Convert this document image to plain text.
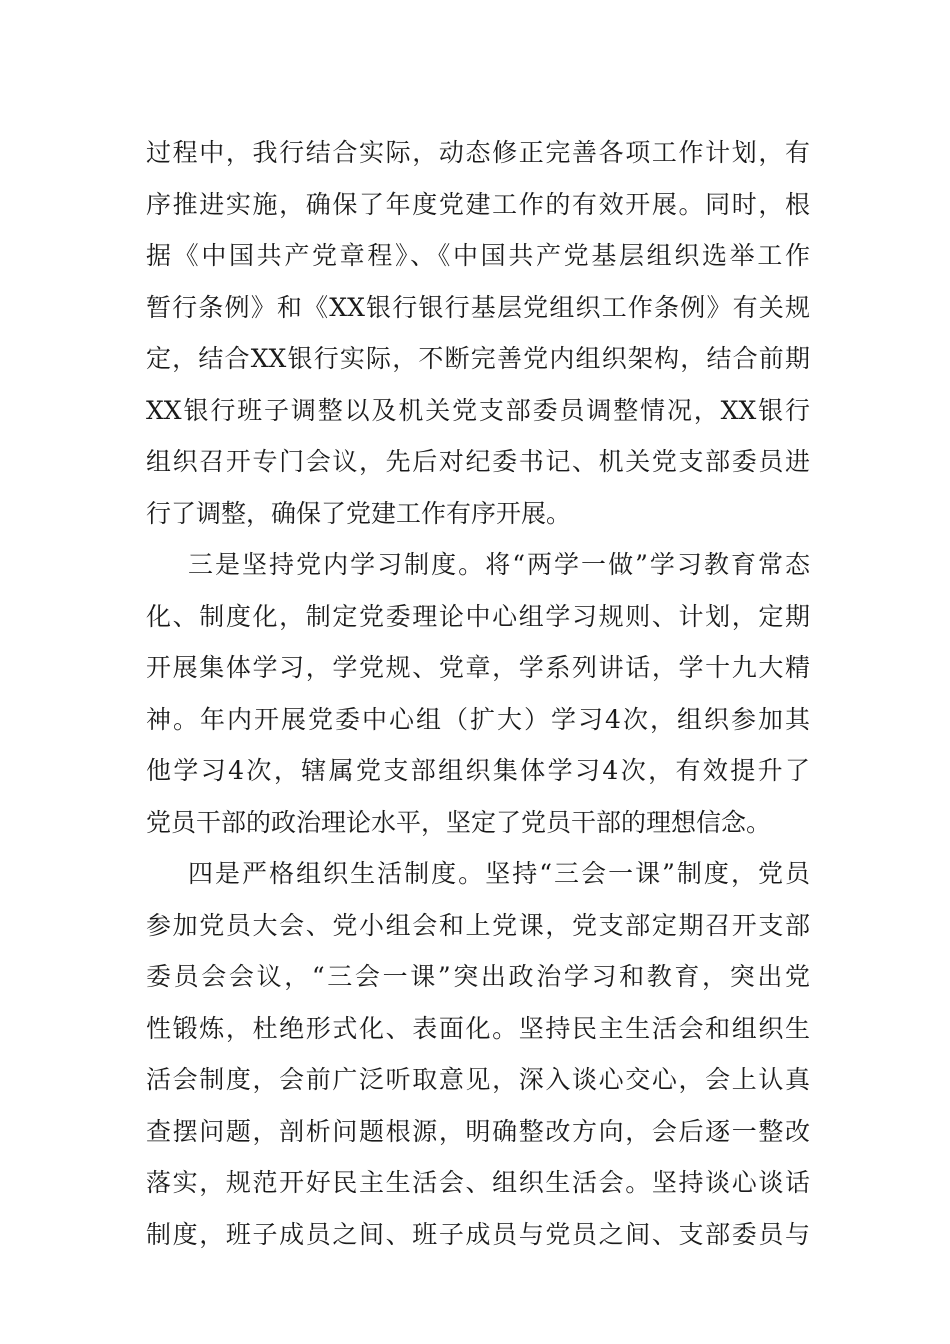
过程中，我行结合实际，动态修正完善各项工作计划，有
序推进实施，确保了年度党建工作的有效开展。同时，根
据《中国共产党章程》、《中国共产党基层组织选举工作
暂行条例》和《XX银行银行基层党组织工作条例》有关规
定，结合XX银行实际，不断完善党内组织架构，结合前期
XX银行班子调整以及机关党支部委员调整情况，XX银行
组织召开专门会议，先后对纪委书记、机关党支部委员进
行了调整，确保了党建工作有序开展。
三是坚持党内学习制度。将“两学一做”学习教育常态
化、制度化，制定党委理论中心组学习规则、计划，定期
开展集体学习，学党规、党章，学系列讲话，学十九大精
神。年内开展党委中心组（扩大）学习4次，组织参加其
他学习4次，辖属党支部组织集体学习4次，有效提升了
党员干部的政治理论水平，坚定了党员干部的理想信念。
四是严格组织生活制度。坚持“三会一课”制度，党员
参加党员大会、党小组会和上党课，党支部定期召开支部
委员会会议，“三会一课”突出政治学习和教育，突出党
性锻炼，杜绝形式化、表面化。坚持民主生活会和组织生
活会制度，会前广泛听取意见，深入谈心交心，会上认真
查摆问题，剖析问题根源，明确整改方向，会后逐一整改
落实，规范开好民主生活会、组织生活会。坚持谈心谈话
制度，班子成员之间、班子成员与党员之间、支部委员与
